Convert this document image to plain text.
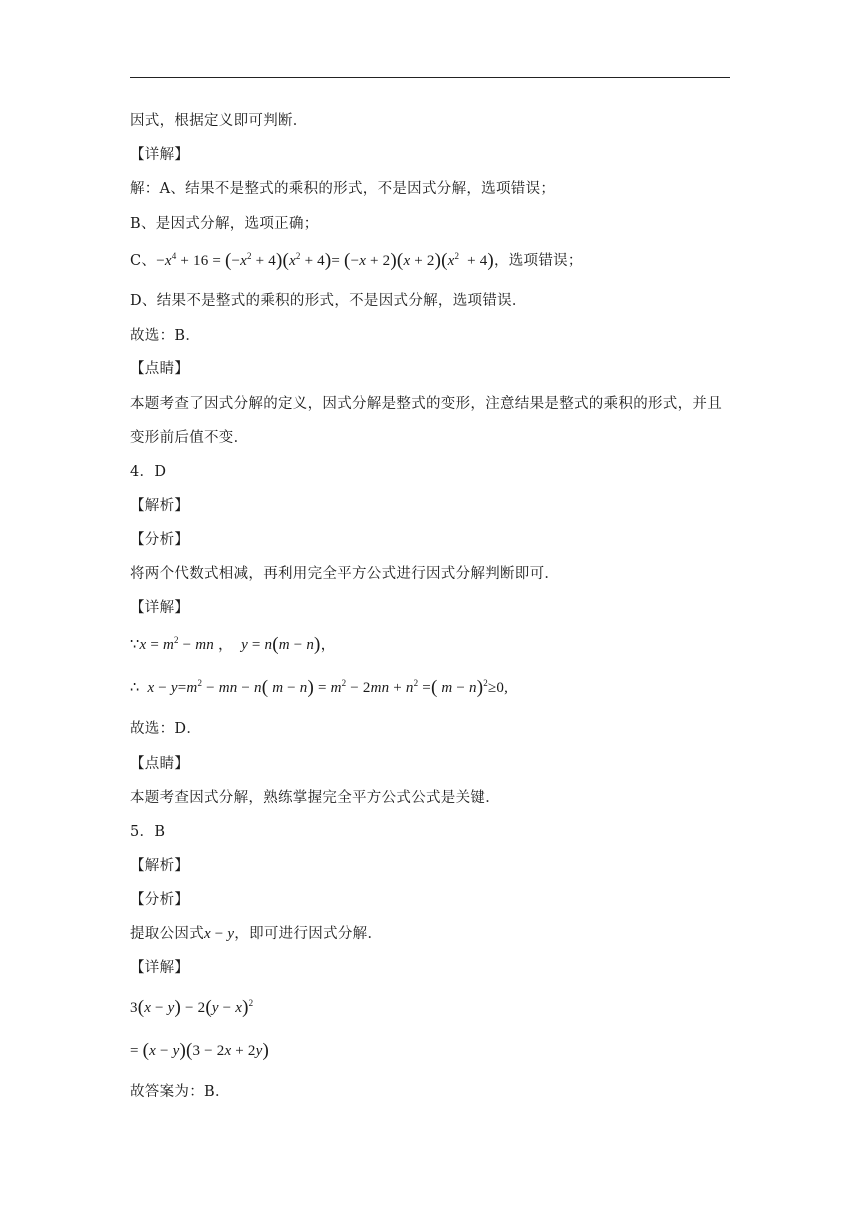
因式，根据定义即可判断．
【详解】
解：A、结果不是整式的乘积的形式，不是因式分解，选项错误；
B、是因式分解，选项正确；
C、$-x^4 + 16 = (-x^2 + 4)(x^2 + 4)= (-x + 2)(x + 2)(x^2 + 4)$，选项错误；
D、结果不是整式的乘积的形式，不是因式分解，选项错误．
故选：B．
【点睛】
本题考查了因式分解的定义，因式分解是整式的变形，注意结果是整式的乘积的形式，并且
变形前后值不变．
4．D
【解析】
【分析】
将两个代数式相减，再利用完全平方公式进行因式分解判断即可．
【详解】
∵x = $m^2$ − mn ，  y = n(m − n)，
∴ $x - y=m^2$ − mn − n( $m - n) = m^2 - 2mn + n^2$ =( m − n)$^2$≥0,
故选：D．
【点睛】
本题考查因式分解，熟练掌握完全平方公式公式是关键．
5．B
【解析】
【分析】
提取公因式x − y，即可进行因式分解．
【详解】
$3(x - y) - 2(y - x)^2$
= (x − y)(3 − 2x + 2y)
故答案为：B．
